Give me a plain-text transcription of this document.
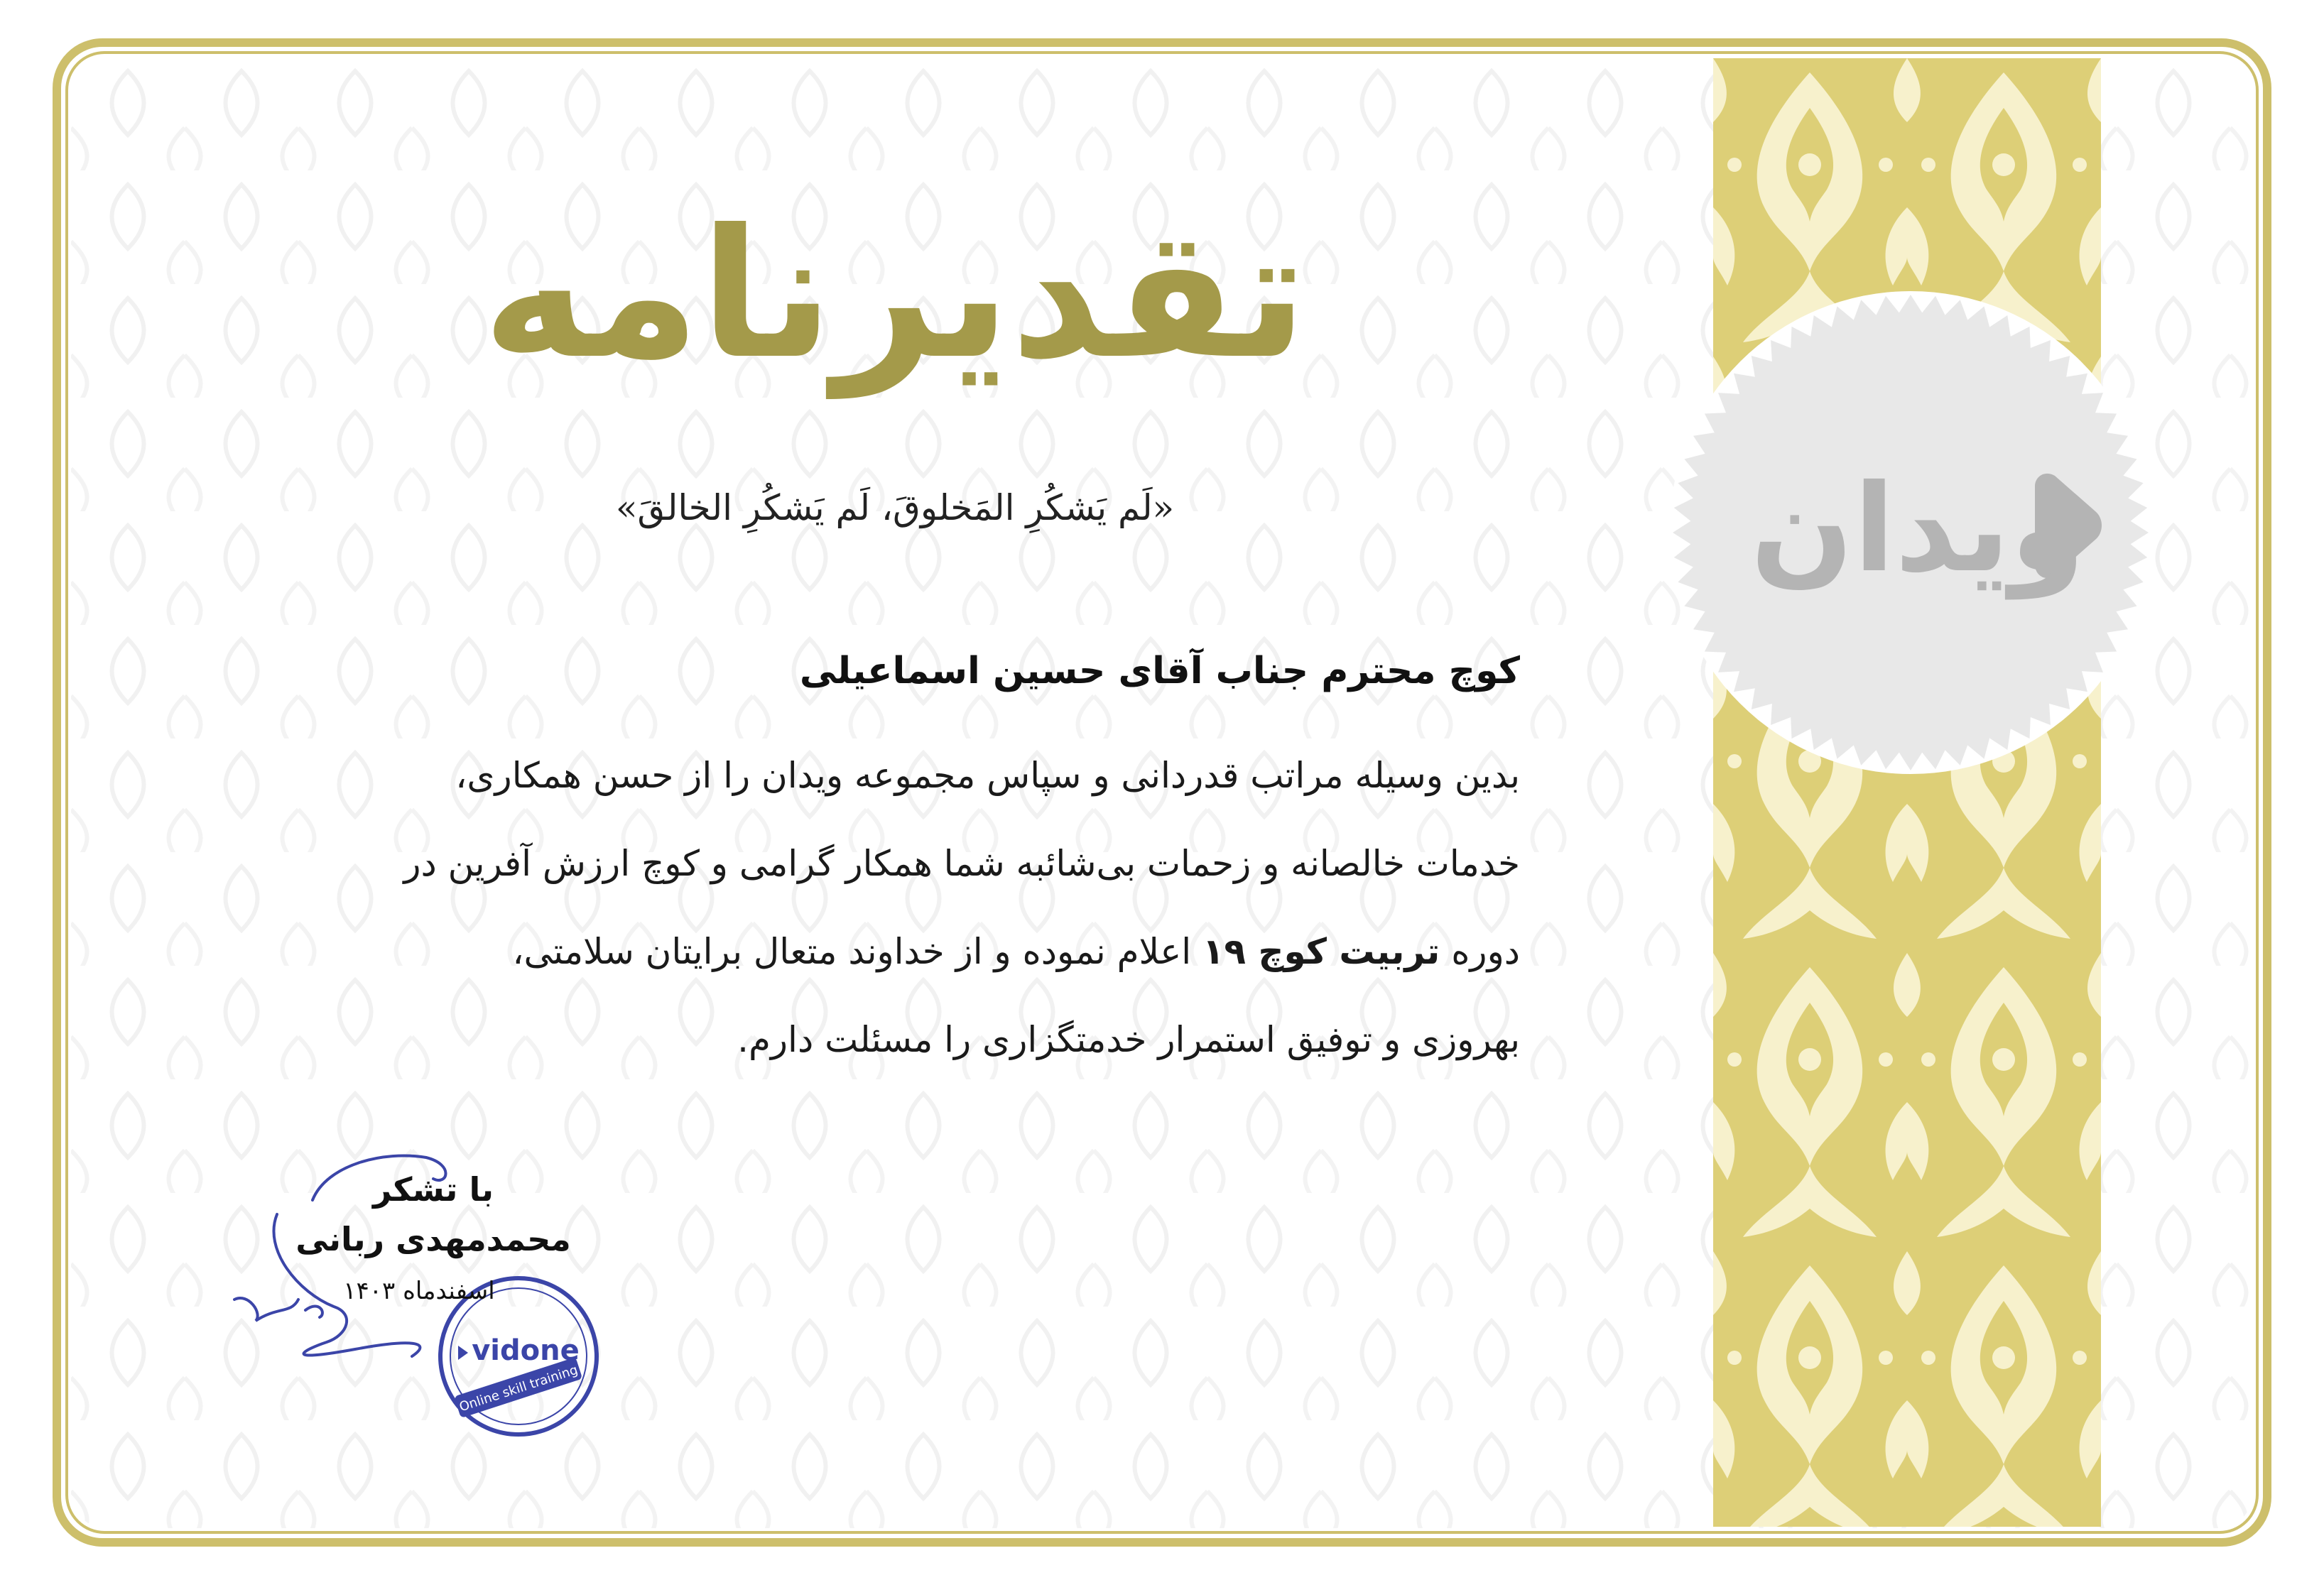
ویدان
تقدیرنامه
«لَم یَشکُرِ المَخلوقَ، لَم یَشکُرِ الخالقَ»
کوچ محترم جناب آقای حسین اسماعیلی
بدین وسیله مراتب قدردانی و سپاس مجموعه ویدان را از حسن همکاری،
خدمات خالصانه و زحمات بی‌شائبه شما همکار گرامی و کوچ ارزش آفرین در
دوره تربیت کوچ ۱۹ اعلام نموده و از خداوند متعال برایتان سلامتی،
بهروزی و توفیق استمرار خدمتگزاری را مسئلت دارم.
vidone
Online skill training
با تشکر
محمدمهدی ربانی
اسفندماه ۱۴۰۳
